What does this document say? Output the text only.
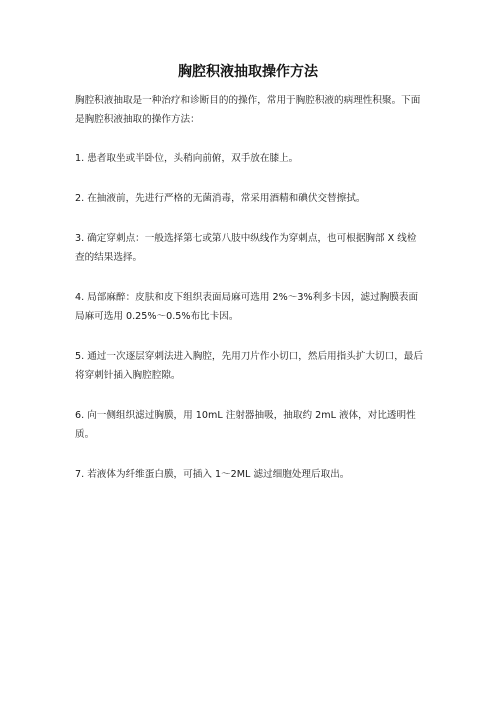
胸腔积液抽取操作方法

胸腔积液抽取是一种治疗和诊断目的的操作，常用于胸腔积液的病理性积聚。下面是胸腔积液抽取的操作方法：

1. 患者取坐或半卧位，头稍向前俯，双手放在膝上。

2. 在抽液前，先进行严格的无菌消毒，常采用酒精和碘伏交替擦拭。

3. 确定穿刺点：一般选择第七或第八肢中纵线作为穿刺点，也可根据胸部 X 线检查的结果选择。

4. 局部麻醉：皮肤和皮下组织表面局麻可选用 2%～3%利多卡因，滤过胸膜表面局麻可选用 0.25%～0.5%布比卡因。

5. 通过一次逐层穿刺法进入胸腔，先用刀片作小切口，然后用指头扩大切口，最后将穿刺针插入胸腔腔隙。

6. 向一侧组织滤过胸膜，用 10mL 注射器抽吸，抽取约 2mL 液体，对比透明性质。

7. 若液体为纤维蛋白膜，可插入 1～2ML 滤过细胞处理后取出。
